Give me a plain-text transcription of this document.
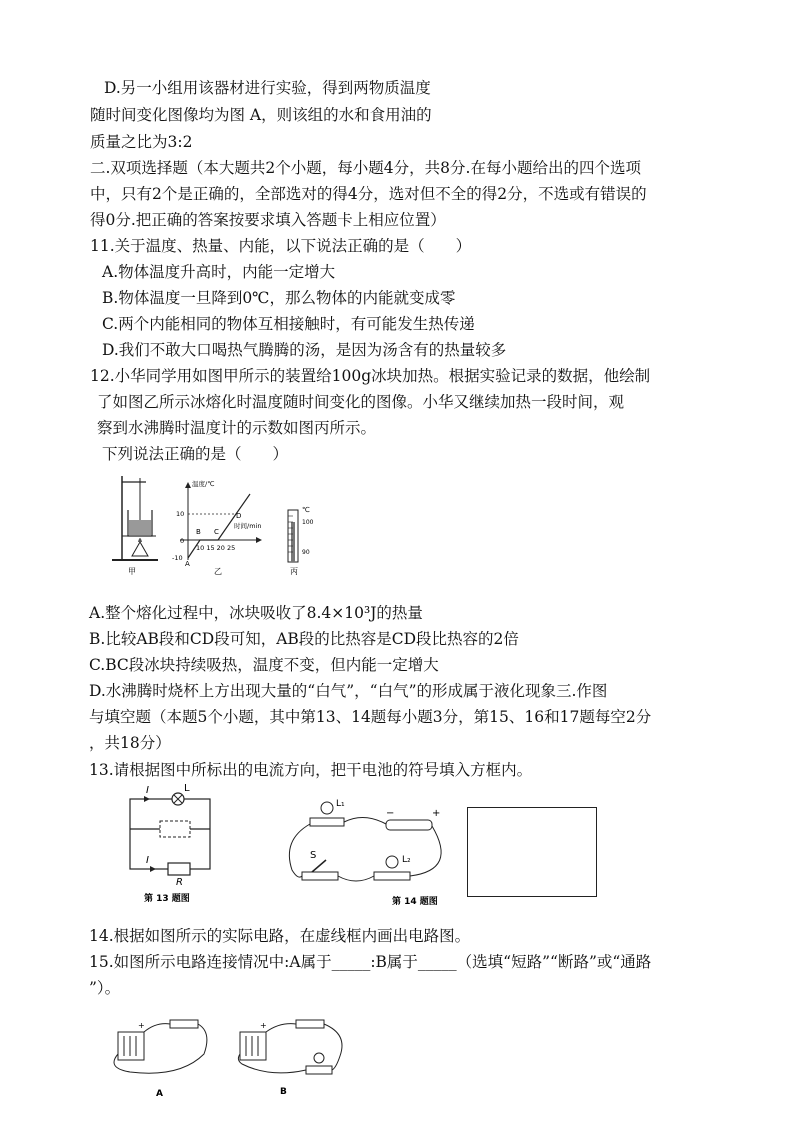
D.另一小组用该器材进行实验，得到两物质温度
随时间变化图像均为图 A，则该组的水和食用油的
质量之比为3:2
二.双项选择题（本大题共2个小题，每小题4分，共8分.在每小题给出的四个选项
中，只有2个是正确的，全部选对的得4分，选对但不全的得2分，不选或有错误的
得0分.把正确的答案按要求填入答题卡上相应位置）
11.关于温度、热量、内能，以下说法正确的是（　　）
A.物体温度升高时，内能一定增大
B.物体温度一旦降到0℃，那么物体的内能就变成零
C.两个内能相同的物体互相接触时，有可能发生热传递
D.我们不敢大口喝热气腾腾的汤，是因为汤含有的热量较多
12.小华同学用如图甲所示的装置给100g冰块加热。根据实验记录的数据，他绘制
了如图乙所示冰熔化时温度随时间变化的图像。小华又继续加热一段时间，观
察到水沸腾时温度计的示数如图丙所示。
下列说法正确的是（　　）
A.整个熔化过程中，冰块吸收了8.4×10³J的热量
B.比较AB段和CD段可知，AB段的比热容是CD段比热容的2倍
C.BC段冰块持续吸热，温度不变，但内能一定增大
D.水沸腾时烧杯上方出现大量的“白气”，“白气”的形成属于液化现象三.作图
与填空题（本题5个小题，其中第13、14题每小题3分，第15、16和17题每空2分
，共18分）
13.请根据图中所标出的电流方向，把干电池的符号填入方框内。
14.根据如图所示的实际电路，在虚线框内画出电路图。
15.如图所示电路连接情况中:A属于_____:B属于_____（选填“短路”“断路”或“通路
”）。
甲
温度/℃
时间/min
10
0
-10
10 15 20 25
A
B C
D
乙
℃
100
90
丙
I
I
L
R
第 13 题图
L₁
L₂
S
−	+
第 14 题图
+
A
+
B
